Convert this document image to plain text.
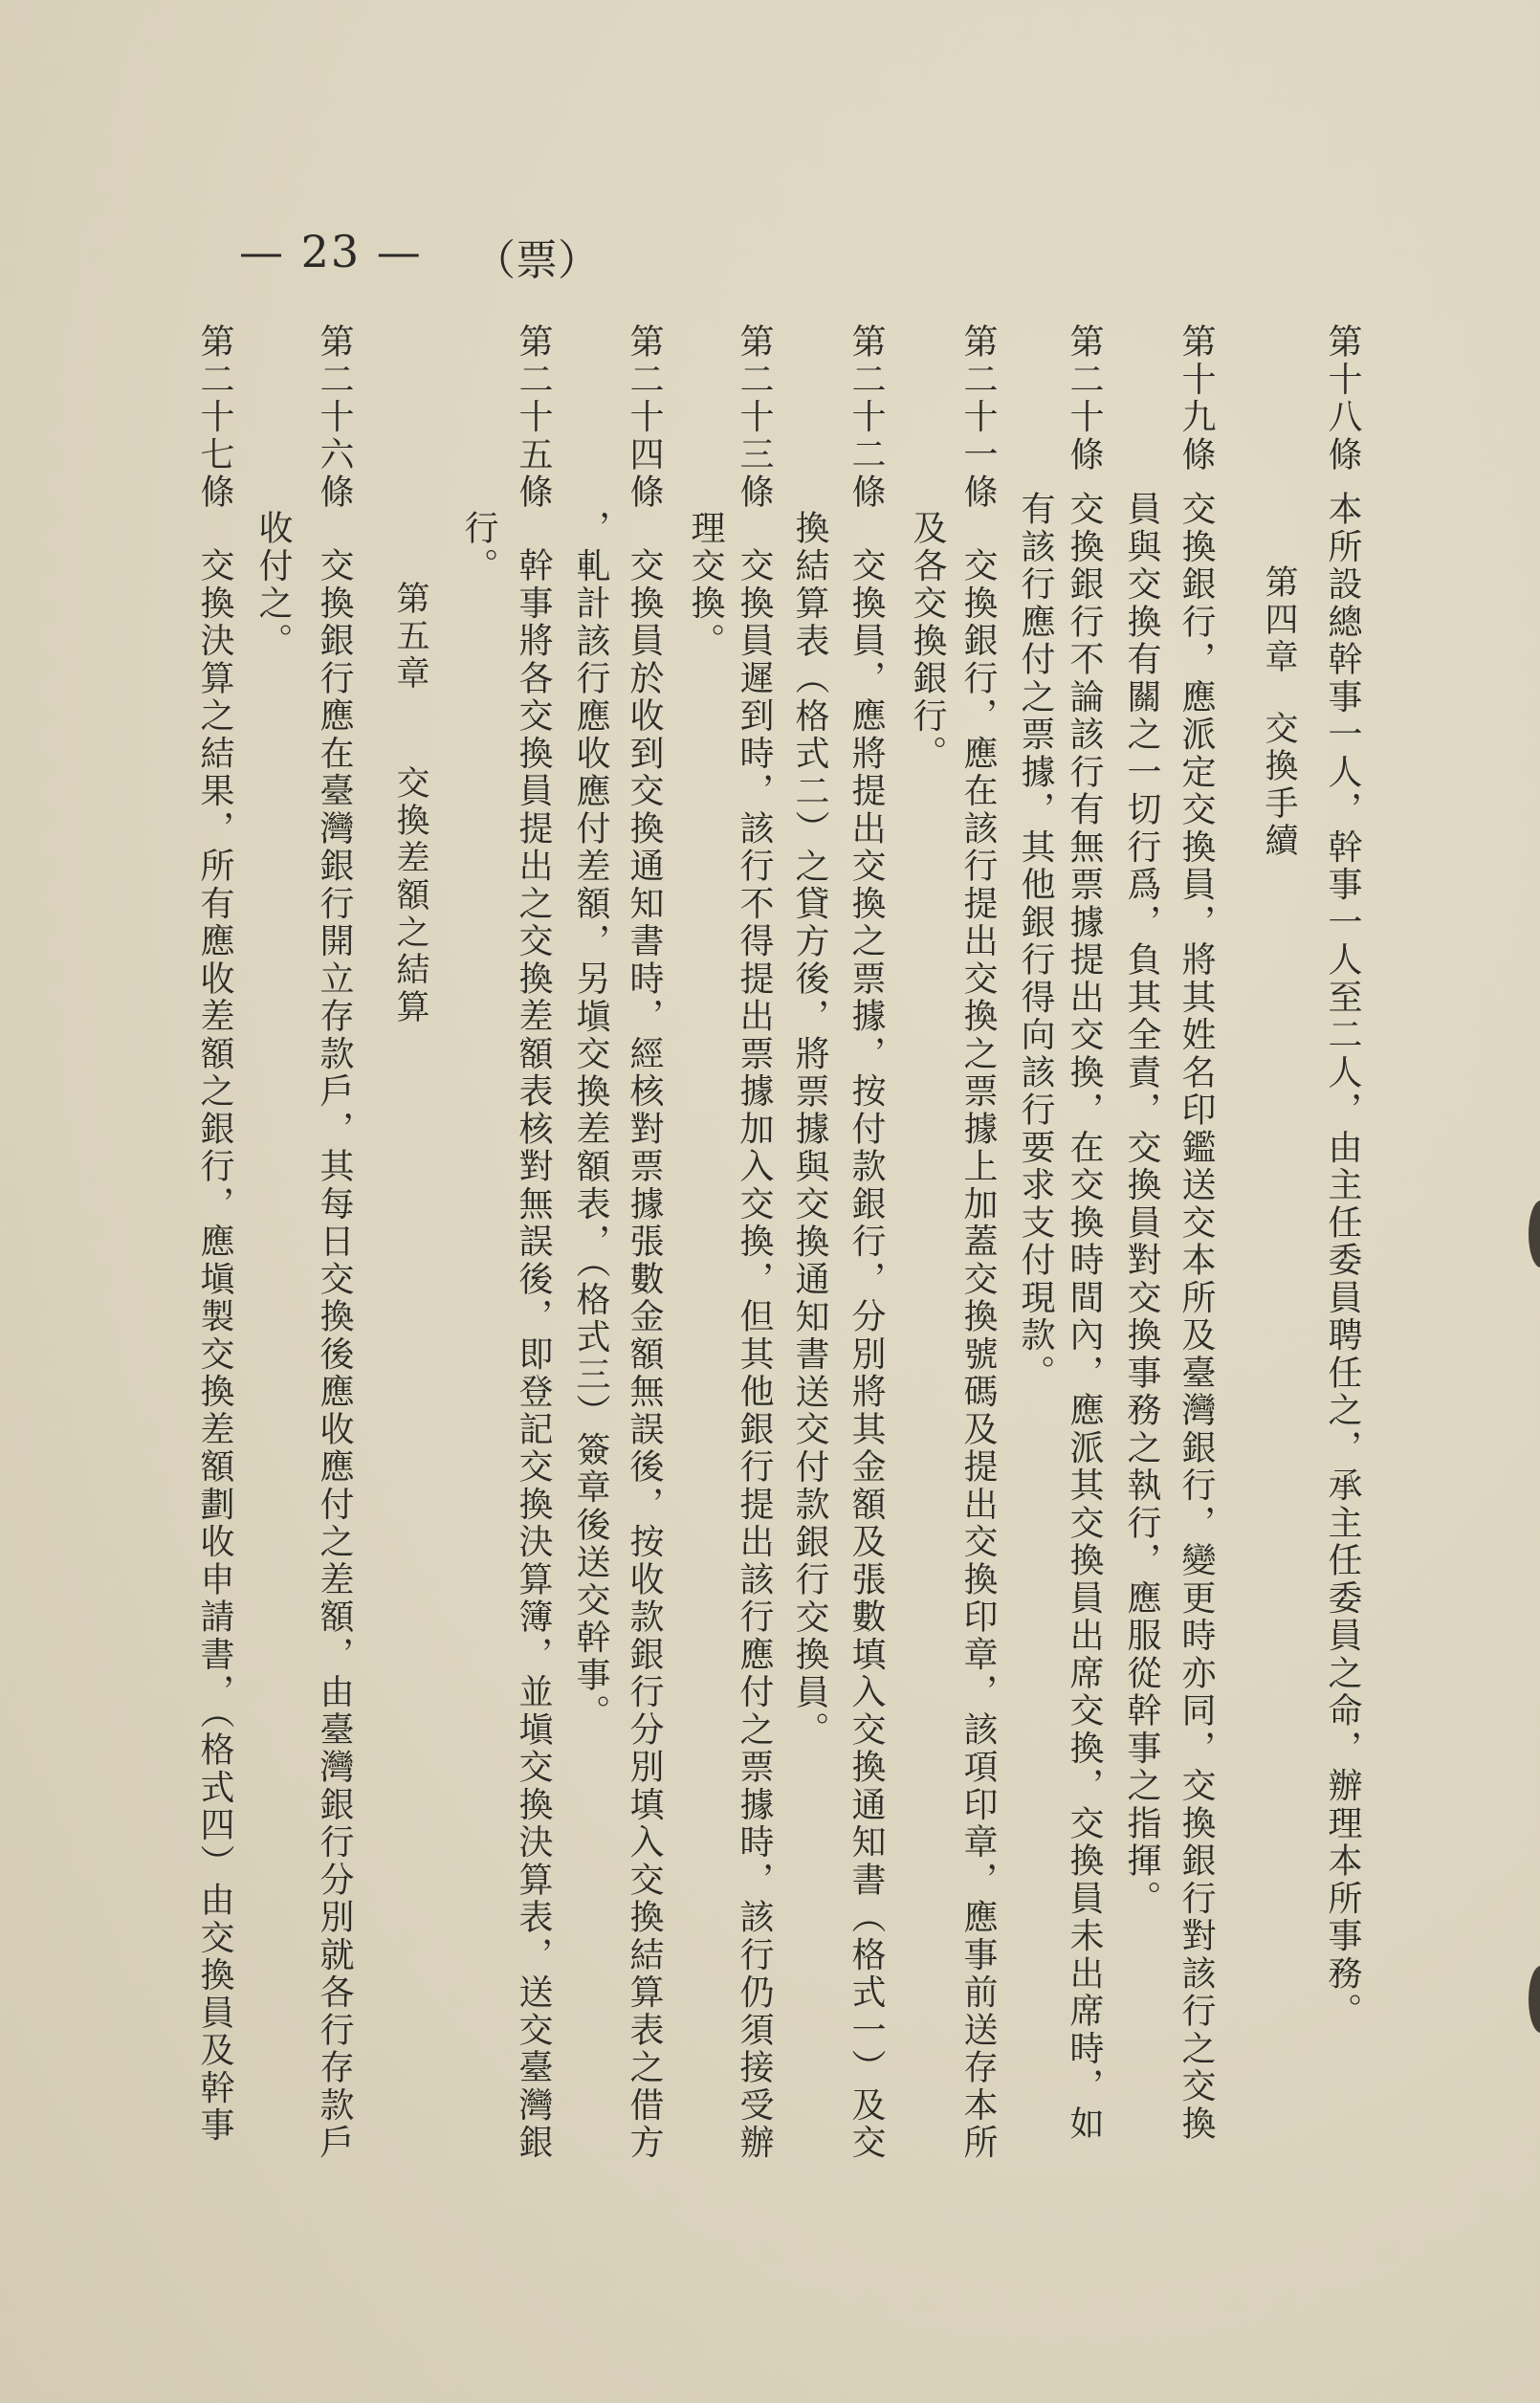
— 23 — （票）
第十八條
本所設總幹事一人，幹事一人至二人，由主任委員聘任之，承主任委員之命，辦理本所事務。
第四章
交換手續
第十九條
交換銀行，應派定交換員，將其姓名印鑑送交本所及臺灣銀行，變更時亦同，交換銀行對該行之交換
員與交換有關之一切行爲，負其全責，交換員對交換事務之執行，應服從幹事之指揮。
第二十條
交換銀行不論該行有無票據提出交換，在交換時間內，應派其交換員出席交換，交換員未出席時，如
有該行應付之票據，其他銀行得向該行要求支付現款。
第二十一條
交換銀行，應在該行提出交換之票據上加蓋交換號碼及提出交換印章，該項印章，應事前送存本所
及各交換銀行。
第二十二條
交換員，應將提出交換之票據，按付款銀行，分別將其金額及張數填入交換通知書（格式一）及交
換結算表（格式二）之貸方後，將票據與交換通知書送交付款銀行交換員。
第二十三條
交換員遲到時，該行不得提出票據加入交換，但其他銀行提出該行應付之票據時，該行仍須接受辦
理交換。
第二十四條
交換員於收到交換通知書時，經核對票據張數金額無誤後，按收款銀行分別填入交換結算表之借方
，軋計該行應收應付差額，另塡交換差額表，（格式三）簽章後送交幹事。
第二十五條
幹事將各交換員提出之交換差額表核對無誤後，即登記交換決算簿，並塡交換決算表，送交臺灣銀
行。
第五章
交換差額之結算
第二十六條
交換銀行應在臺灣銀行開立存款戶，其每日交換後應收應付之差額，由臺灣銀行分別就各行存款戶
收付之。
第二十七條
交換決算之結果，所有應收差額之銀行，應塡製交換差額劃收申請書，（格式四）由交換員及幹事
